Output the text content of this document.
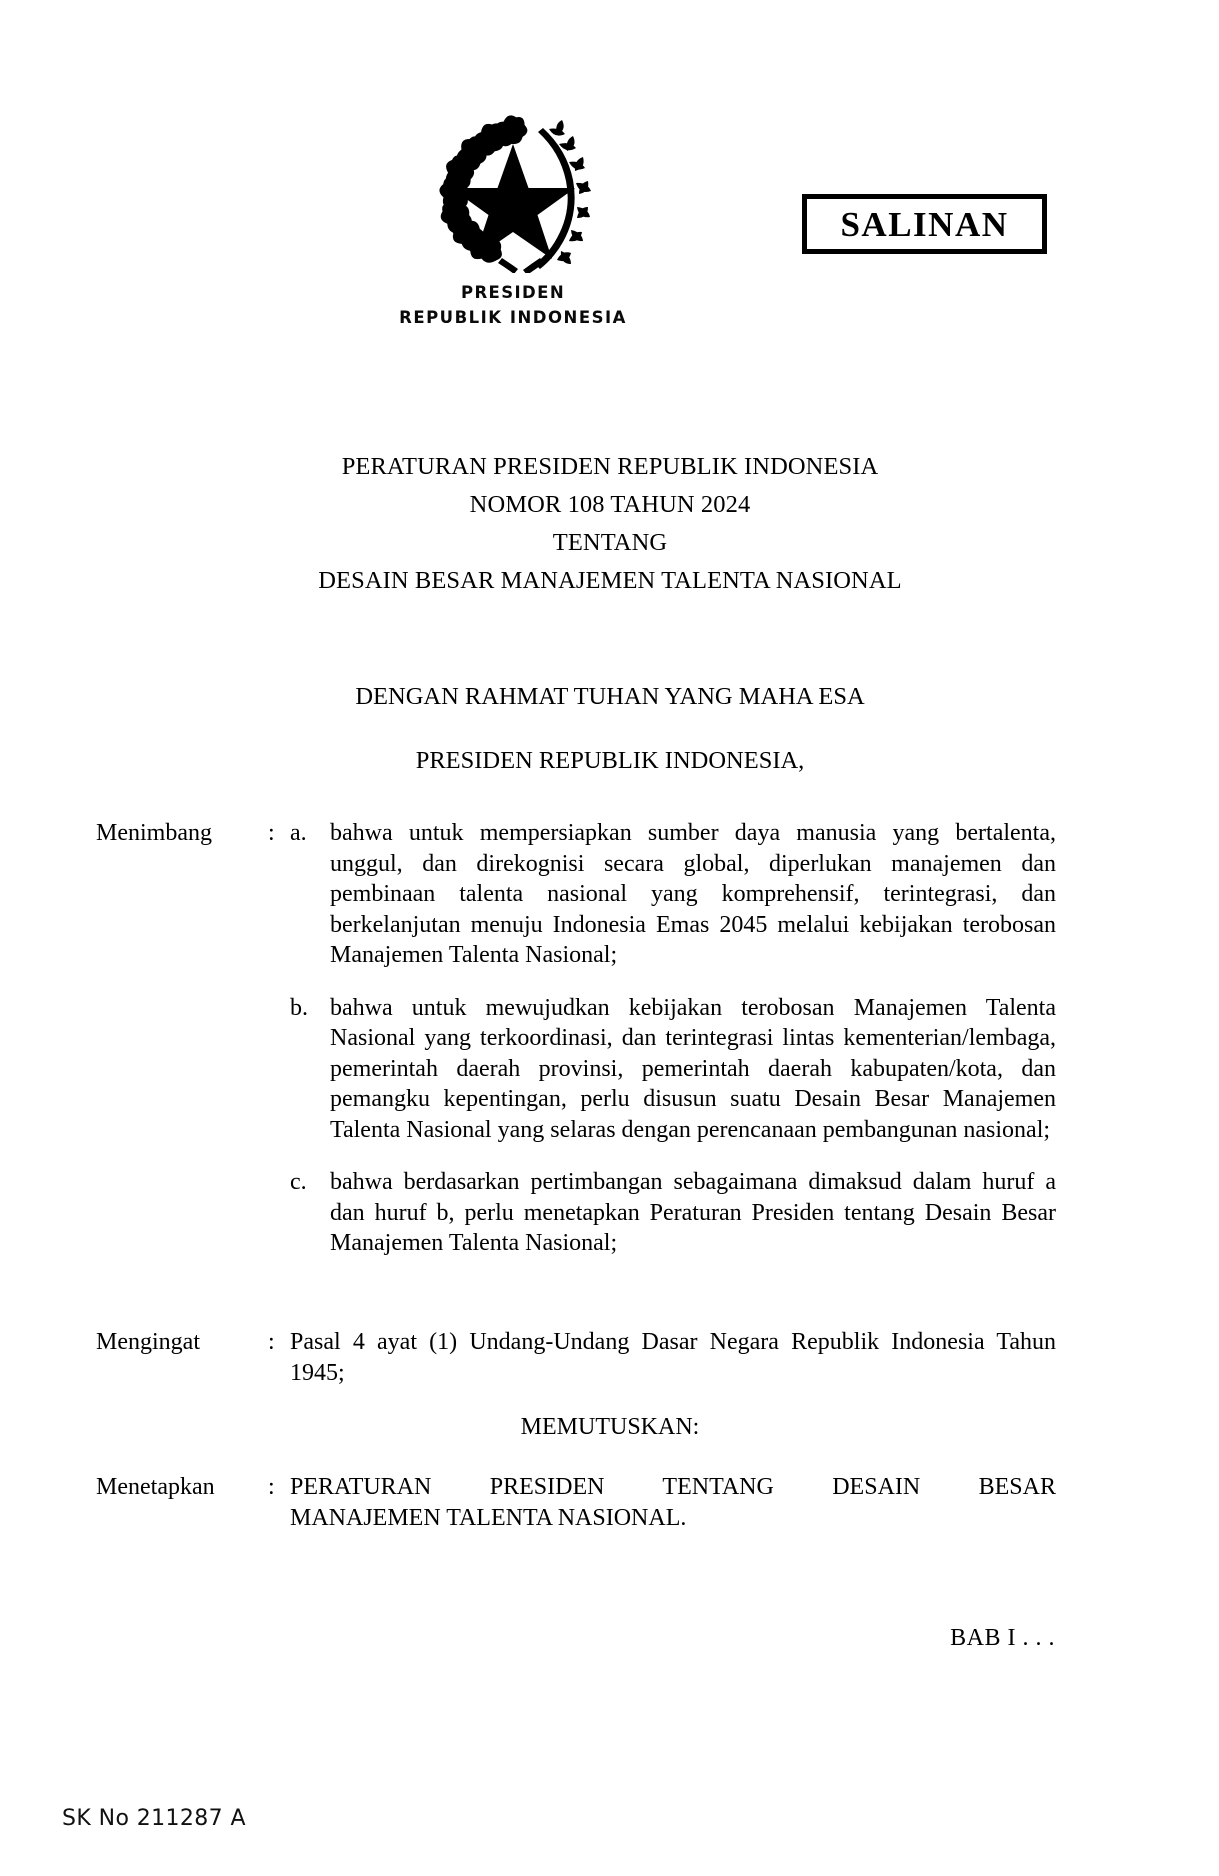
PRESIDEN
REPUBLIK INDONESIA
SALINAN
PERATURAN PRESIDEN REPUBLIK INDONESIA
NOMOR 108 TAHUN 2024
TENTANG
DESAIN BESAR MANAJEMEN TALENTA NASIONAL
DENGAN RAHMAT TUHAN YANG MAHA ESA
PRESIDEN REPUBLIK INDONESIA,
Menimbang	: a. bahwa untuk mempersiapkan sumber daya manusia yang bertalenta, unggul, dan direkognisi secara global, diperlukan manajemen dan pembinaan talenta nasional yang komprehensif, terintegrasi, dan berkelanjutan menuju Indonesia Emas 2045 melalui kebijakan terobosan Manajemen Talenta Nasional;
b. bahwa untuk mewujudkan kebijakan terobosan Manajemen Talenta Nasional yang terkoordinasi, dan terintegrasi lintas kementerian/lembaga, pemerintah daerah provinsi, pemerintah daerah kabupaten/kota, dan pemangku kepentingan, perlu disusun suatu Desain Besar Manajemen Talenta Nasional yang selaras dengan perencanaan pembangunan nasional;
c. bahwa berdasarkan pertimbangan sebagaimana dimaksud dalam huruf a dan huruf b, perlu menetapkan Peraturan Presiden tentang Desain Besar Manajemen Talenta Nasional;
Mengingat	: Pasal 4 ayat (1) Undang-Undang Dasar Negara Republik Indonesia Tahun 1945;
MEMUTUSKAN:
Menetapkan	: PERATURAN PRESIDEN TENTANG DESAIN BESAR
MANAJEMEN TALENTA NASIONAL.
BAB I . . .
SK No 211287 A
